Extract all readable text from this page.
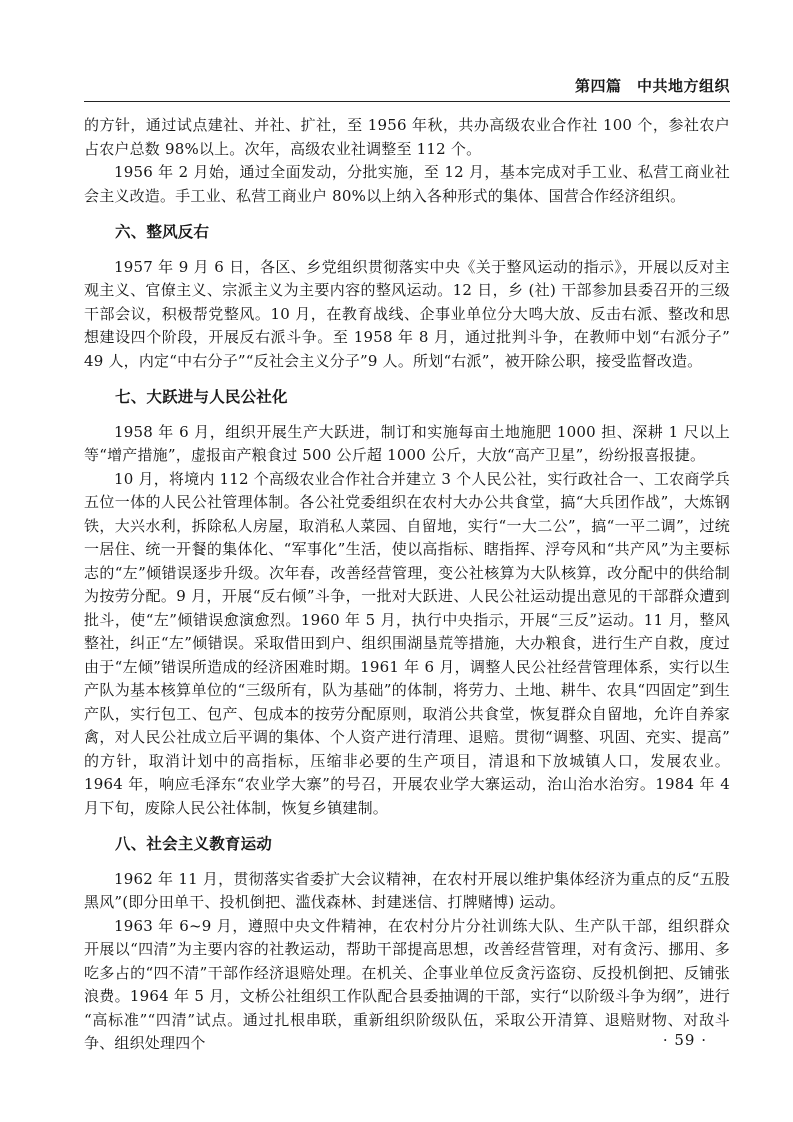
第四篇　中共地方组织

的方针，通过试点建社、并社、扩社，至 1956 年秋，共办高级农业合作社 100 个，参社农户占农户总数 98%以上。次年，高级农业社调整至 112 个。

1956 年 2 月始，通过全面发动，分批实施，至 12 月，基本完成对手工业、私营工商业社会主义改造。手工业、私营工商业户 80%以上纳入各种形式的集体、国营合作经济组织。

六、整风反右

1957 年 9 月 6 日，各区、乡党组织贯彻落实中央《关于整风运动的指示》，开展以反对主观主义、官僚主义、宗派主义为主要内容的整风运动。12 日，乡 (社) 干部参加县委召开的三级干部会议，积极帮党整风。10 月，在教育战线、企事业单位分大鸣大放、反击右派、整改和思想建设四个阶段，开展反右派斗争。至 1958 年 8 月，通过批判斗争，在教师中划“右派分子”49 人，内定“中右分子”“反社会主义分子”9 人。所划“右派”，被开除公职，接受监督改造。

七、大跃进与人民公社化

1958 年 6 月，组织开展生产大跃进，制订和实施每亩土地施肥 1000 担、深耕 1 尺以上等“增产措施”，虚报亩产粮食过 500 公斤超 1000 公斤，大放“高产卫星”，纷纷报喜报捷。

10 月，将境内 112 个高级农业合作社合并建立 3 个人民公社，实行政社合一、工农商学兵五位一体的人民公社管理体制。各公社党委组织在农村大办公共食堂，搞“大兵团作战”，大炼钢铁，大兴水利，拆除私人房屋，取消私人菜园、自留地，实行“一大二公”，搞“一平二调”，过统一居住、统一开餐的集体化、“军事化”生活，使以高指标、瞎指挥、浮夸风和“共产风”为主要标志的“左”倾错误逐步升级。次年春，改善经营管理，变公社核算为大队核算，改分配中的供给制为按劳分配。9 月，开展“反右倾”斗争，一批对大跃进、人民公社运动提出意见的干部群众遭到批斗，使“左”倾错误愈演愈烈。1960 年 5 月，执行中央指示，开展“三反”运动。11 月，整风整社，纠正“左”倾错误。采取借田到户、组织围湖垦荒等措施，大办粮食，进行生产自救，度过由于“左倾”错误所造成的经济困难时期。1961 年 6 月，调整人民公社经营管理体系，实行以生产队为基本核算单位的“三级所有，队为基础”的体制，将劳力、土地、耕牛、农具“四固定”到生产队，实行包工、包产、包成本的按劳分配原则，取消公共食堂，恢复群众自留地，允许自养家禽，对人民公社成立后平调的集体、个人资产进行清理、退赔。贯彻“调整、巩固、充实、提高”的方针，取消计划中的高指标，压缩非必要的生产项目，清退和下放城镇人口，发展农业。1964 年，响应毛泽东“农业学大寨”的号召，开展农业学大寨运动，治山治水治穷。1984 年 4 月下旬，废除人民公社体制，恢复乡镇建制。

八、社会主义教育运动

1962 年 11 月，贯彻落实省委扩大会议精神，在农村开展以维护集体经济为重点的反“五股黑风”(即分田单干、投机倒把、滥伐森林、封建迷信、打牌赌博) 运动。

1963 年 6~9 月，遵照中央文件精神，在农村分片分社训练大队、生产队干部，组织群众开展以“四清”为主要内容的社教运动，帮助干部提高思想，改善经营管理，对有贪污、挪用、多吃多占的“四不清”干部作经济退赔处理。在机关、企事业单位反贪污盗窃、反投机倒把、反铺张浪费。1964 年 5 月，文桥公社组织工作队配合县委抽调的干部，实行“以阶级斗争为纲”，进行“高标准”“四清”试点。通过扎根串联，重新组织阶级队伍，采取公开清算、退赔财物、对敌斗争、组织处理四个	· 59 ·
